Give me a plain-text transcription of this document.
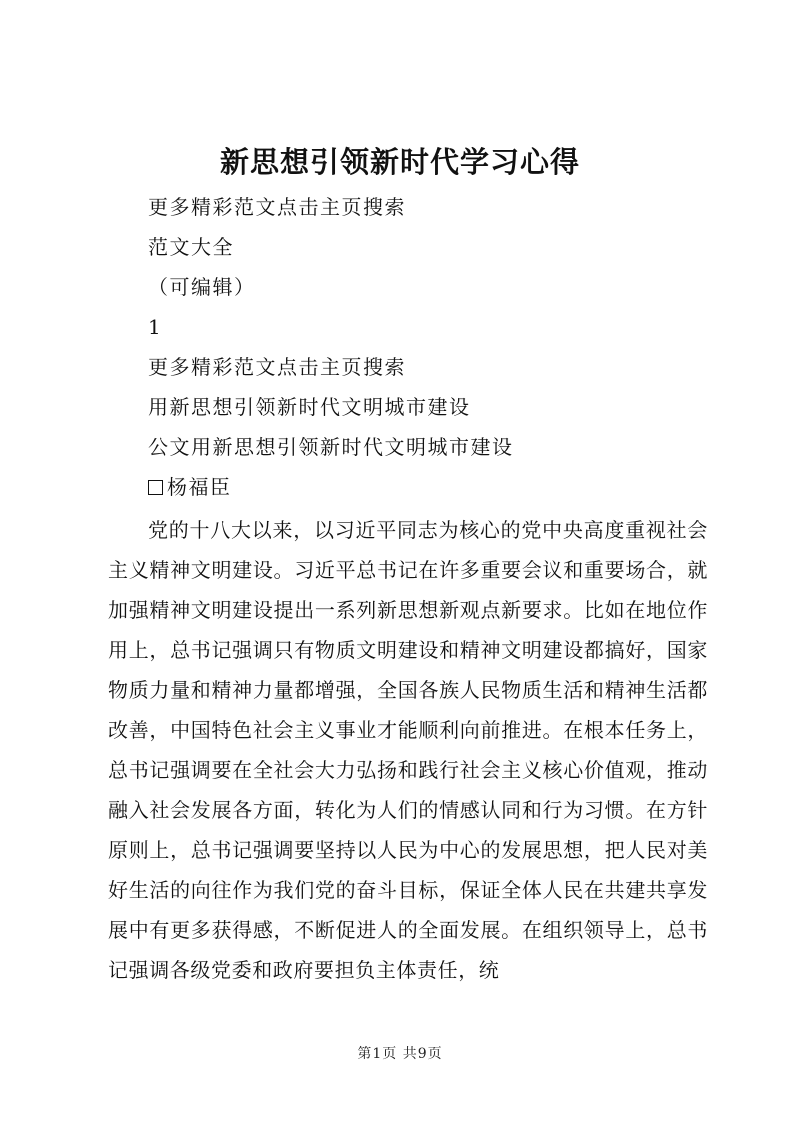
新思想引领新时代学习心得
更多精彩范文点击主页搜索
范文大全
（可编辑）
1
更多精彩范文点击主页搜索
用新思想引领新时代文明城市建设
公文用新思想引领新时代文明城市建设
杨福臣

党的十八大以来，以习近平同志为核心的党中央高度重视社会主义精神文明建设。习近平总书记在许多重要会议和重要场合，就加强精神文明建设提出一系列新思想新观点新要求。比如在地位作用上，总书记强调只有物质文明建设和精神文明建设都搞好，国家物质力量和精神力量都增强，全国各族人民物质生活和精神生活都改善，中国特色社会主义事业才能顺利向前推进。在根本任务上，总书记强调要在全社会大力弘扬和践行社会主义核心价值观，推动融入社会发展各方面，转化为人们的情感认同和行为习惯。在方针原则上，总书记强调要坚持以人民为中心的发展思想，把人民对美好生活的向往作为我们党的奋斗目标，保证全体人民在共建共享发展中有更多获得感，不断促进人的全面发展。在组织领导上，总书记强调各级党委和政府要担负主体责任，统

第1页 共9页
